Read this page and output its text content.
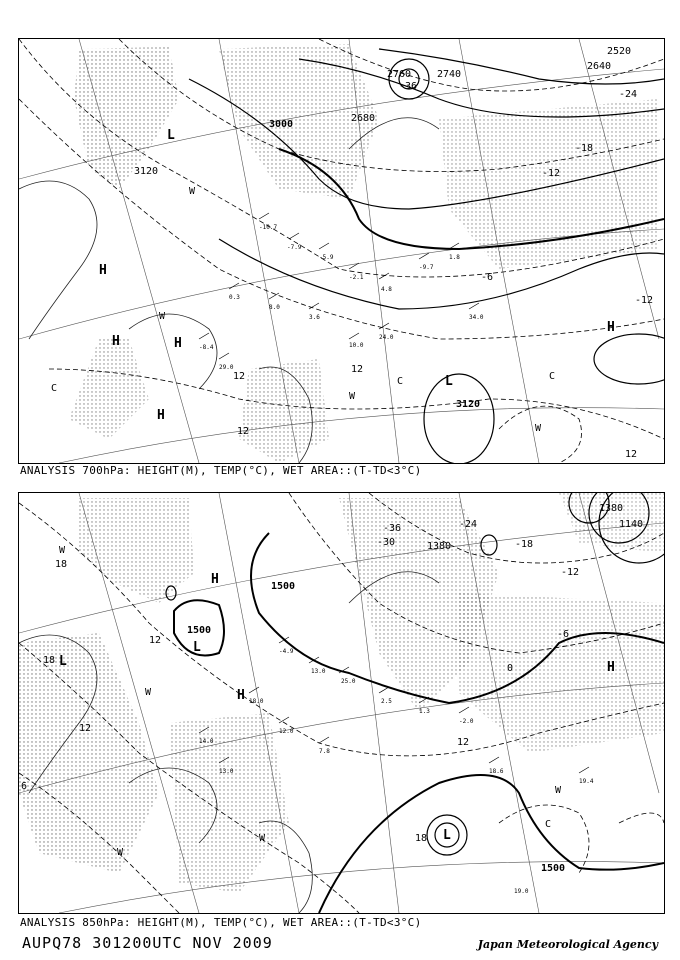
-10.7
-7.9
-5.9
-2.1
4.8
-9.7
1.8
0.3
8.0
3.6
10.0
24.0
34.0
-8.4
29.0
3000
3120
3120
2760	2740
2680
2640
2520
-36
-24
-18
-12
-6
12
12
12
12
-12
L
L
H
H	H
H
H
W
W
W
W
C
C	C
ANALYSIS 700hPa: HEIGHT(M), TEMP(°C), WET AREA::(T-TD<3°C)
-4.9
13.0
25.0
2.5
1.3
-2.0
18.0
12.0
7.8
14.0
13.0	18.6
19.4
19.0
1500
1500
1500
1380
1380
1140
-30
-36	-24
-18
-12
-6
0
18
18
18
12
12
6
12
L
L
L
H
H
H
W
W
W
W
W
C
ANALYSIS 850hPa: HEIGHT(M), TEMP(°C), WET AREA::(T-TD<3°C)
AUPQ78 301200UTC NOV 2009	Japan Meteorological Agency
